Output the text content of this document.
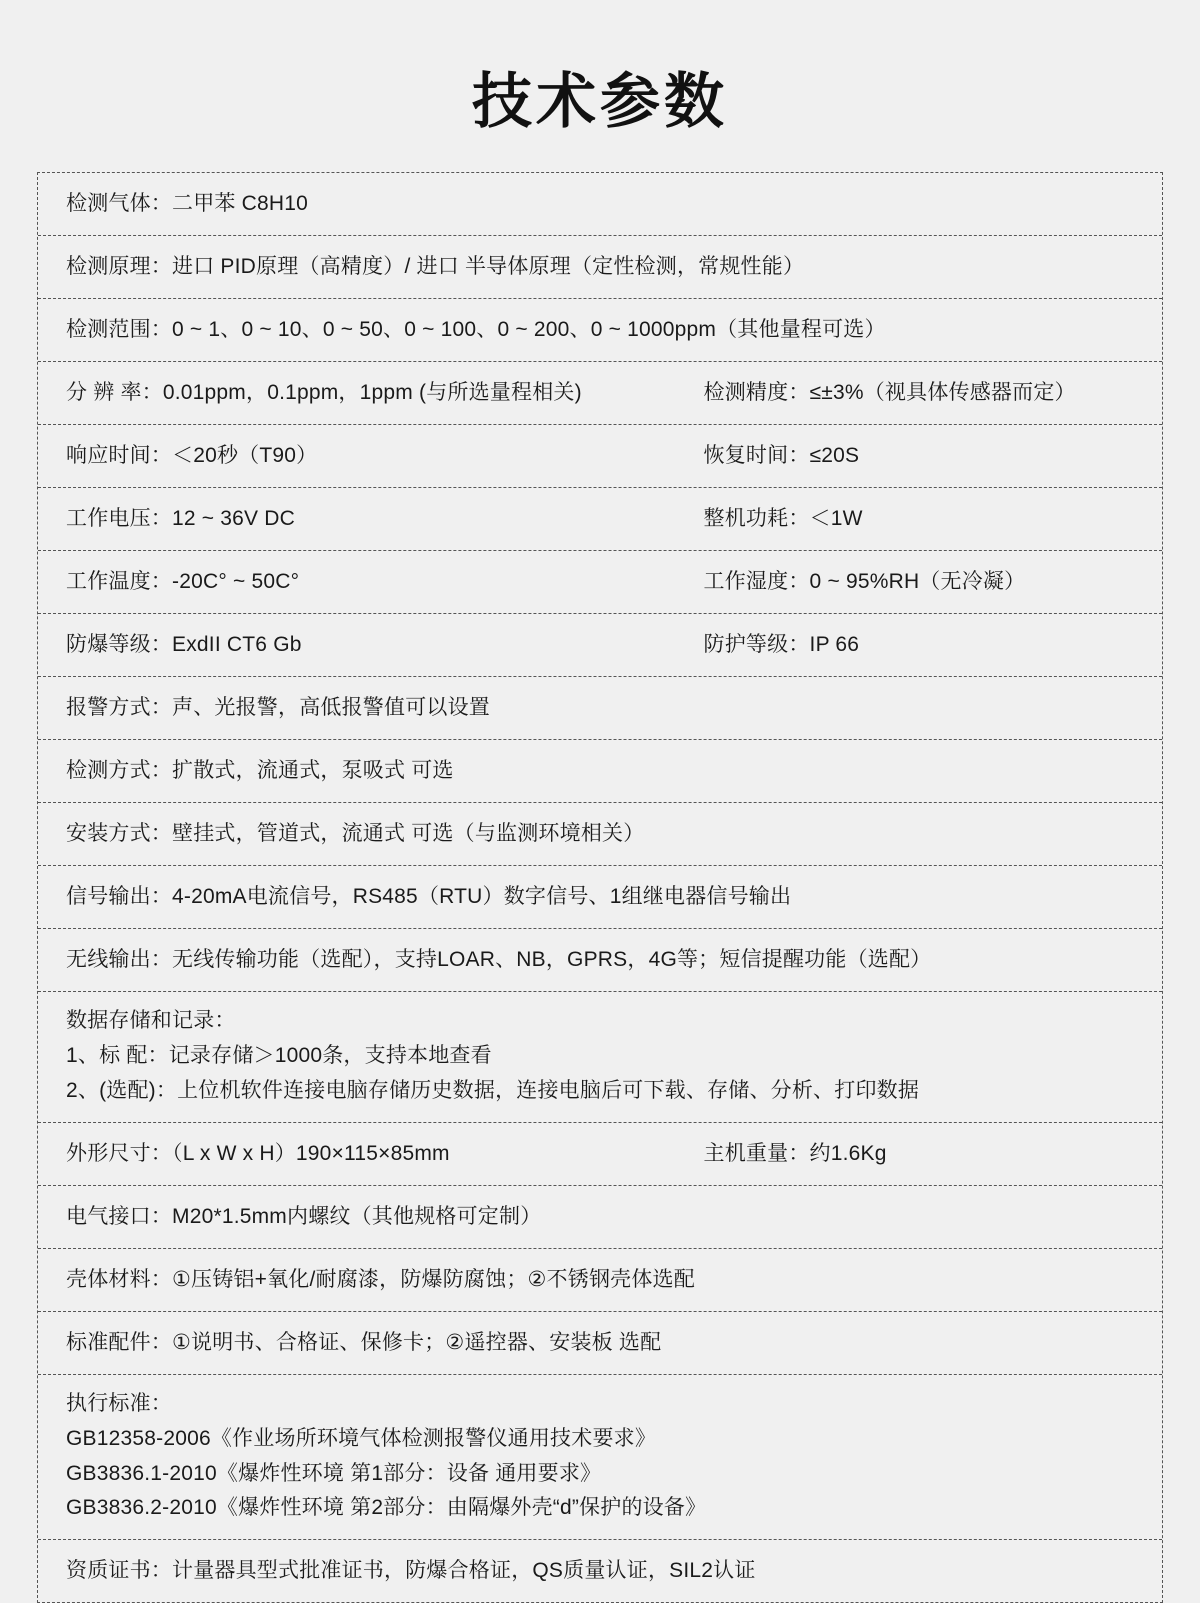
技术参数
检测气体：二甲苯 C8H10
检测原理：进口 PID原理（高精度）/ 进口 半导体原理（定性检测，常规性能）
检测范围：0 ~ 1、0 ~ 10、0 ~ 50、0 ~ 100、0 ~ 200、0 ~ 1000ppm（其他量程可选）
分 辨 率：0.01ppm，0.1ppm，1ppm (与所选量程相关)	检测精度：≤±3%（视具体传感器而定）
响应时间：＜20秒（T90）	恢复时间：≤20S
工作电压：12 ~ 36V DC	整机功耗：＜1W
工作温度：-20C° ~ 50C°	工作湿度：0 ~ 95%RH（无冷凝）
防爆等级：ExdII CT6 Gb	防护等级：IP 66
报警方式：声、光报警，高低报警值可以设置
检测方式：扩散式，流通式，泵吸式 可选
安装方式：壁挂式，管道式，流通式 可选（与监测环境相关）
信号输出：4-20mA电流信号，RS485（RTU）数字信号、1组继电器信号输出
无线输出：无线传输功能（选配），支持LOAR、NB，GPRS，4G等；短信提醒功能（选配）
数据存储和记录：
1、标 配：记录存储＞1000条，支持本地查看
2、(选配)：上位机软件连接电脑存储历史数据，连接电脑后可下载、存储、分析、打印数据
外形尺寸：（L x W x H）190×115×85mm	主机重量：约1.6Kg
电气接口：M20*1.5mm内螺纹（其他规格可定制）
壳体材料：①压铸铝+氧化/耐腐漆，防爆防腐蚀；②不锈钢壳体选配
标准配件：①说明书、合格证、保修卡；②遥控器、安装板 选配
执行标准：
GB12358-2006《作业场所环境气体检测报警仪通用技术要求》
GB3836.1-2010《爆炸性环境 第1部分：设备 通用要求》
GB3836.2-2010《爆炸性环境 第2部分：由隔爆外壳“d”保护的设备》
资质证书：计量器具型式批准证书，防爆合格证，QS质量认证，SIL2认证
